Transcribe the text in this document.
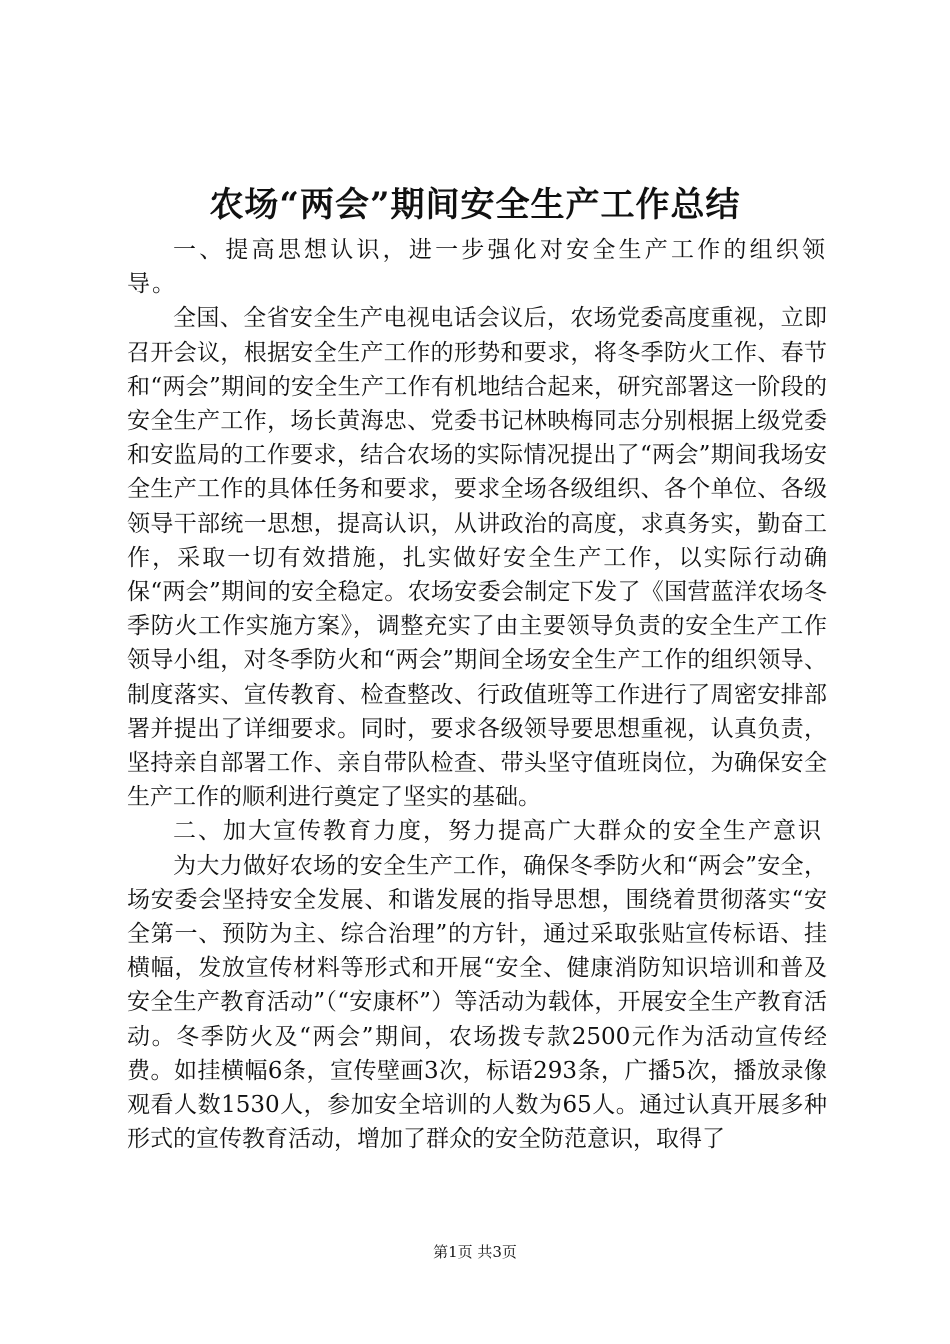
农场“两会”期间安全生产工作总结

一、提高思想认识，进一步强化对安全生产工作的组织领导。

全国、全省安全生产电视电话会议后，农场党委高度重视，立即召开会议，根据安全生产工作的形势和要求，将冬季防火工作、春节和“两会”期间的安全生产工作有机地结合起来，研究部署这一阶段的安全生产工作，场长黄海忠、党委书记林映梅同志分别根据上级党委和安监局的工作要求，结合农场的实际情况提出了“两会”期间我场安全生产工作的具体任务和要求，要求全场各级组织、各个单位、各级领导干部统一思想，提高认识，从讲政治的高度，求真务实，勤奋工作，采取一切有效措施，扎实做好安全生产工作，以实际行动确保“两会”期间的安全稳定。农场安委会制定下发了《国营蓝洋农场冬季防火工作实施方案》，调整充实了由主要领导负责的安全生产工作领导小组，对冬季防火和“两会”期间全场安全生产工作的组织领导、制度落实、宣传教育、检查整改、行政值班等工作进行了周密安排部署并提出了详细要求。同时，要求各级领导要思想重视，认真负责，坚持亲自部署工作、亲自带队检查、带头坚守值班岗位，为确保安全生产工作的顺利进行奠定了坚实的基础。

二、加大宣传教育力度，努力提高广大群众的安全生产意识

为大力做好农场的安全生产工作，确保冬季防火和“两会”安全，场安委会坚持安全发展、和谐发展的指导思想，围绕着贯彻落实“安全第一、预防为主、综合治理”的方针，通过采取张贴宣传标语、挂横幅，发放宣传材料等形式和开展“安全、健康消防知识培训和普及安全生产教育活动”（“安康杯”）等活动为载体，开展安全生产教育活动。冬季防火及“两会”期间，农场拨专款2500元作为活动宣传经费。如挂横幅6条，宣传壁画3次，标语293条，广播5次，播放录像观看人数1530人，参加安全培训的人数为65人。通过认真开展多种形式的宣传教育活动，增加了群众的安全防范意识，取得了

第1页 共3页
